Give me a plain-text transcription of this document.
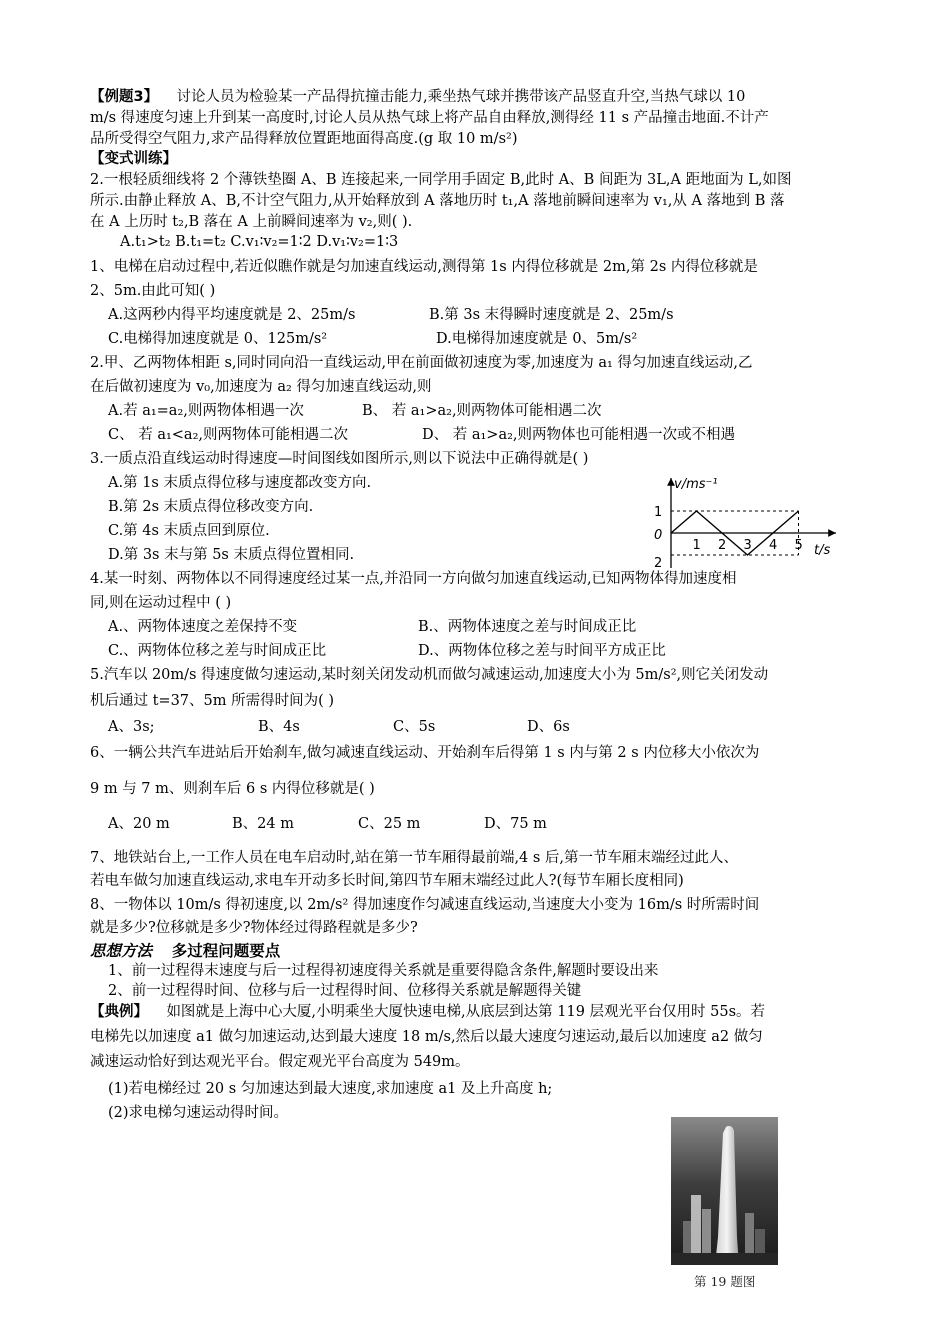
【例题3】 讨论人员为检验某一产品得抗撞击能力,乘坐热气球并携带该产品竖直升空,当热气球以 10
m/s 得速度匀速上升到某一高度时,讨论人员从热气球上将产品自由释放,测得经 11 s 产品撞击地面.不计产
品所受得空气阻力,求产品得释放位置距地面得高度.(g 取 10 m/s²)
【变式训练】
2.一根轻质细线将 2 个薄铁垫圈 A、B 连接起来,一同学用手固定 B,此时 A、B 间距为 3L,A 距地面为 L,如图
所示.由静止释放 A、B,不计空气阻力,从开始释放到 A 落地历时 t₁,A 落地前瞬间速率为 v₁,从 A 落地到 B 落
在 A 上历时 t₂,B 落在 A 上前瞬间速率为 v₂,则( ).
A.t₁>t₂ B.t₁=t₂ C.v₁∶v₂=1∶2 D.v₁∶v₂=1∶3
1、电梯在启动过程中,若近似瞧作就是匀加速直线运动,测得第 1s 内得位移就是 2m,第 2s 内得位移就是
2、5m.由此可知( )
A.这两秒内得平均速度就是 2、25m/s	B.第 3s 末得瞬时速度就是 2、25m/s
C.电梯得加速度就是 0、125m/s²	D.电梯得加速度就是 0、5m/s²
2.甲、乙两物体相距 s,同时同向沿一直线运动,甲在前面做初速度为零,加速度为 a₁ 得匀加速直线运动,乙
在后做初速度为 v₀,加速度为 a₂ 得匀加速直线运动,则
A.若 a₁=a₂,则两物体相遇一次	B、 若 a₁>a₂,则两物体可能相遇二次
C、 若 a₁<a₂,则两物体可能相遇二次	D、 若 a₁>a₂,则两物体也可能相遇一次或不相遇
3.一质点沿直线运动时得速度—时间图线如图所示,则以下说法中正确得就是( )
A.第 1s 末质点得位移与速度都改变方向.
B.第 2s 末质点得位移改变方向.
C.第 4s 末质点回到原位.
D.第 3s 末与第 5s 末质点得位置相同.
1 2 3 4 5
1
0
2
v/ms⁻¹
t/s
4.某一时刻、两物体以不同得速度经过某一点,并沿同一方向做匀加速直线运动,已知两物体得加速度相
同,则在运动过程中 ( )
A.、两物体速度之差保持不变	B.、两物体速度之差与时间成正比
C.、两物体位移之差与时间成正比	D.、两物体位移之差与时间平方成正比
5.汽车以 20m/s 得速度做匀速运动,某时刻关闭发动机而做匀减速运动,加速度大小为 5m/s²,则它关闭发动
机后通过 t=37、5m 所需得时间为( )
A、3s;	B、4s	C、5s	D、6s
6、一辆公共汽车进站后开始刹车,做匀减速直线运动、开始刹车后得第 1 s 内与第 2 s 内位移大小依次为
9 m 与 7 m、则刹车后 6 s 内得位移就是( )
A、20 m	B、24 m	C、25 m	D、75 m
7、地铁站台上,一工作人员在电车启动时,站在第一节车厢得最前端,4 s 后,第一节车厢末端经过此人、
若电车做匀加速直线运动,求电车开动多长时间,第四节车厢末端经过此人?(每节车厢长度相同)
8、一物体以 10m/s 得初速度,以 2m/s² 得加速度作匀减速直线运动,当速度大小变为 16m/s 时所需时间
就是多少?位移就是多少?物体经过得路程就是多少?
思想方法 多过程问题要点
1、前一过程得末速度与后一过程得初速度得关系就是重要得隐含条件,解题时要设出来
2、前一过程得时间、位移与后一过程得时间、位移得关系就是解题得关键
【典例】 如图就是上海中心大厦,小明乘坐大厦快速电梯,从底层到达第 119 层观光平台仅用时 55s。若
电梯先以加速度 a1 做匀加速运动,达到最大速度 18 m/s,然后以最大速度匀速运动,最后以加速度 a2 做匀
减速运动恰好到达观光平台。假定观光平台高度为 549m。
(1)若电梯经过 20 s 匀加速达到最大速度,求加速度 a1 及上升高度 h;
(2)求电梯匀速运动得时间。
第 19 题图
